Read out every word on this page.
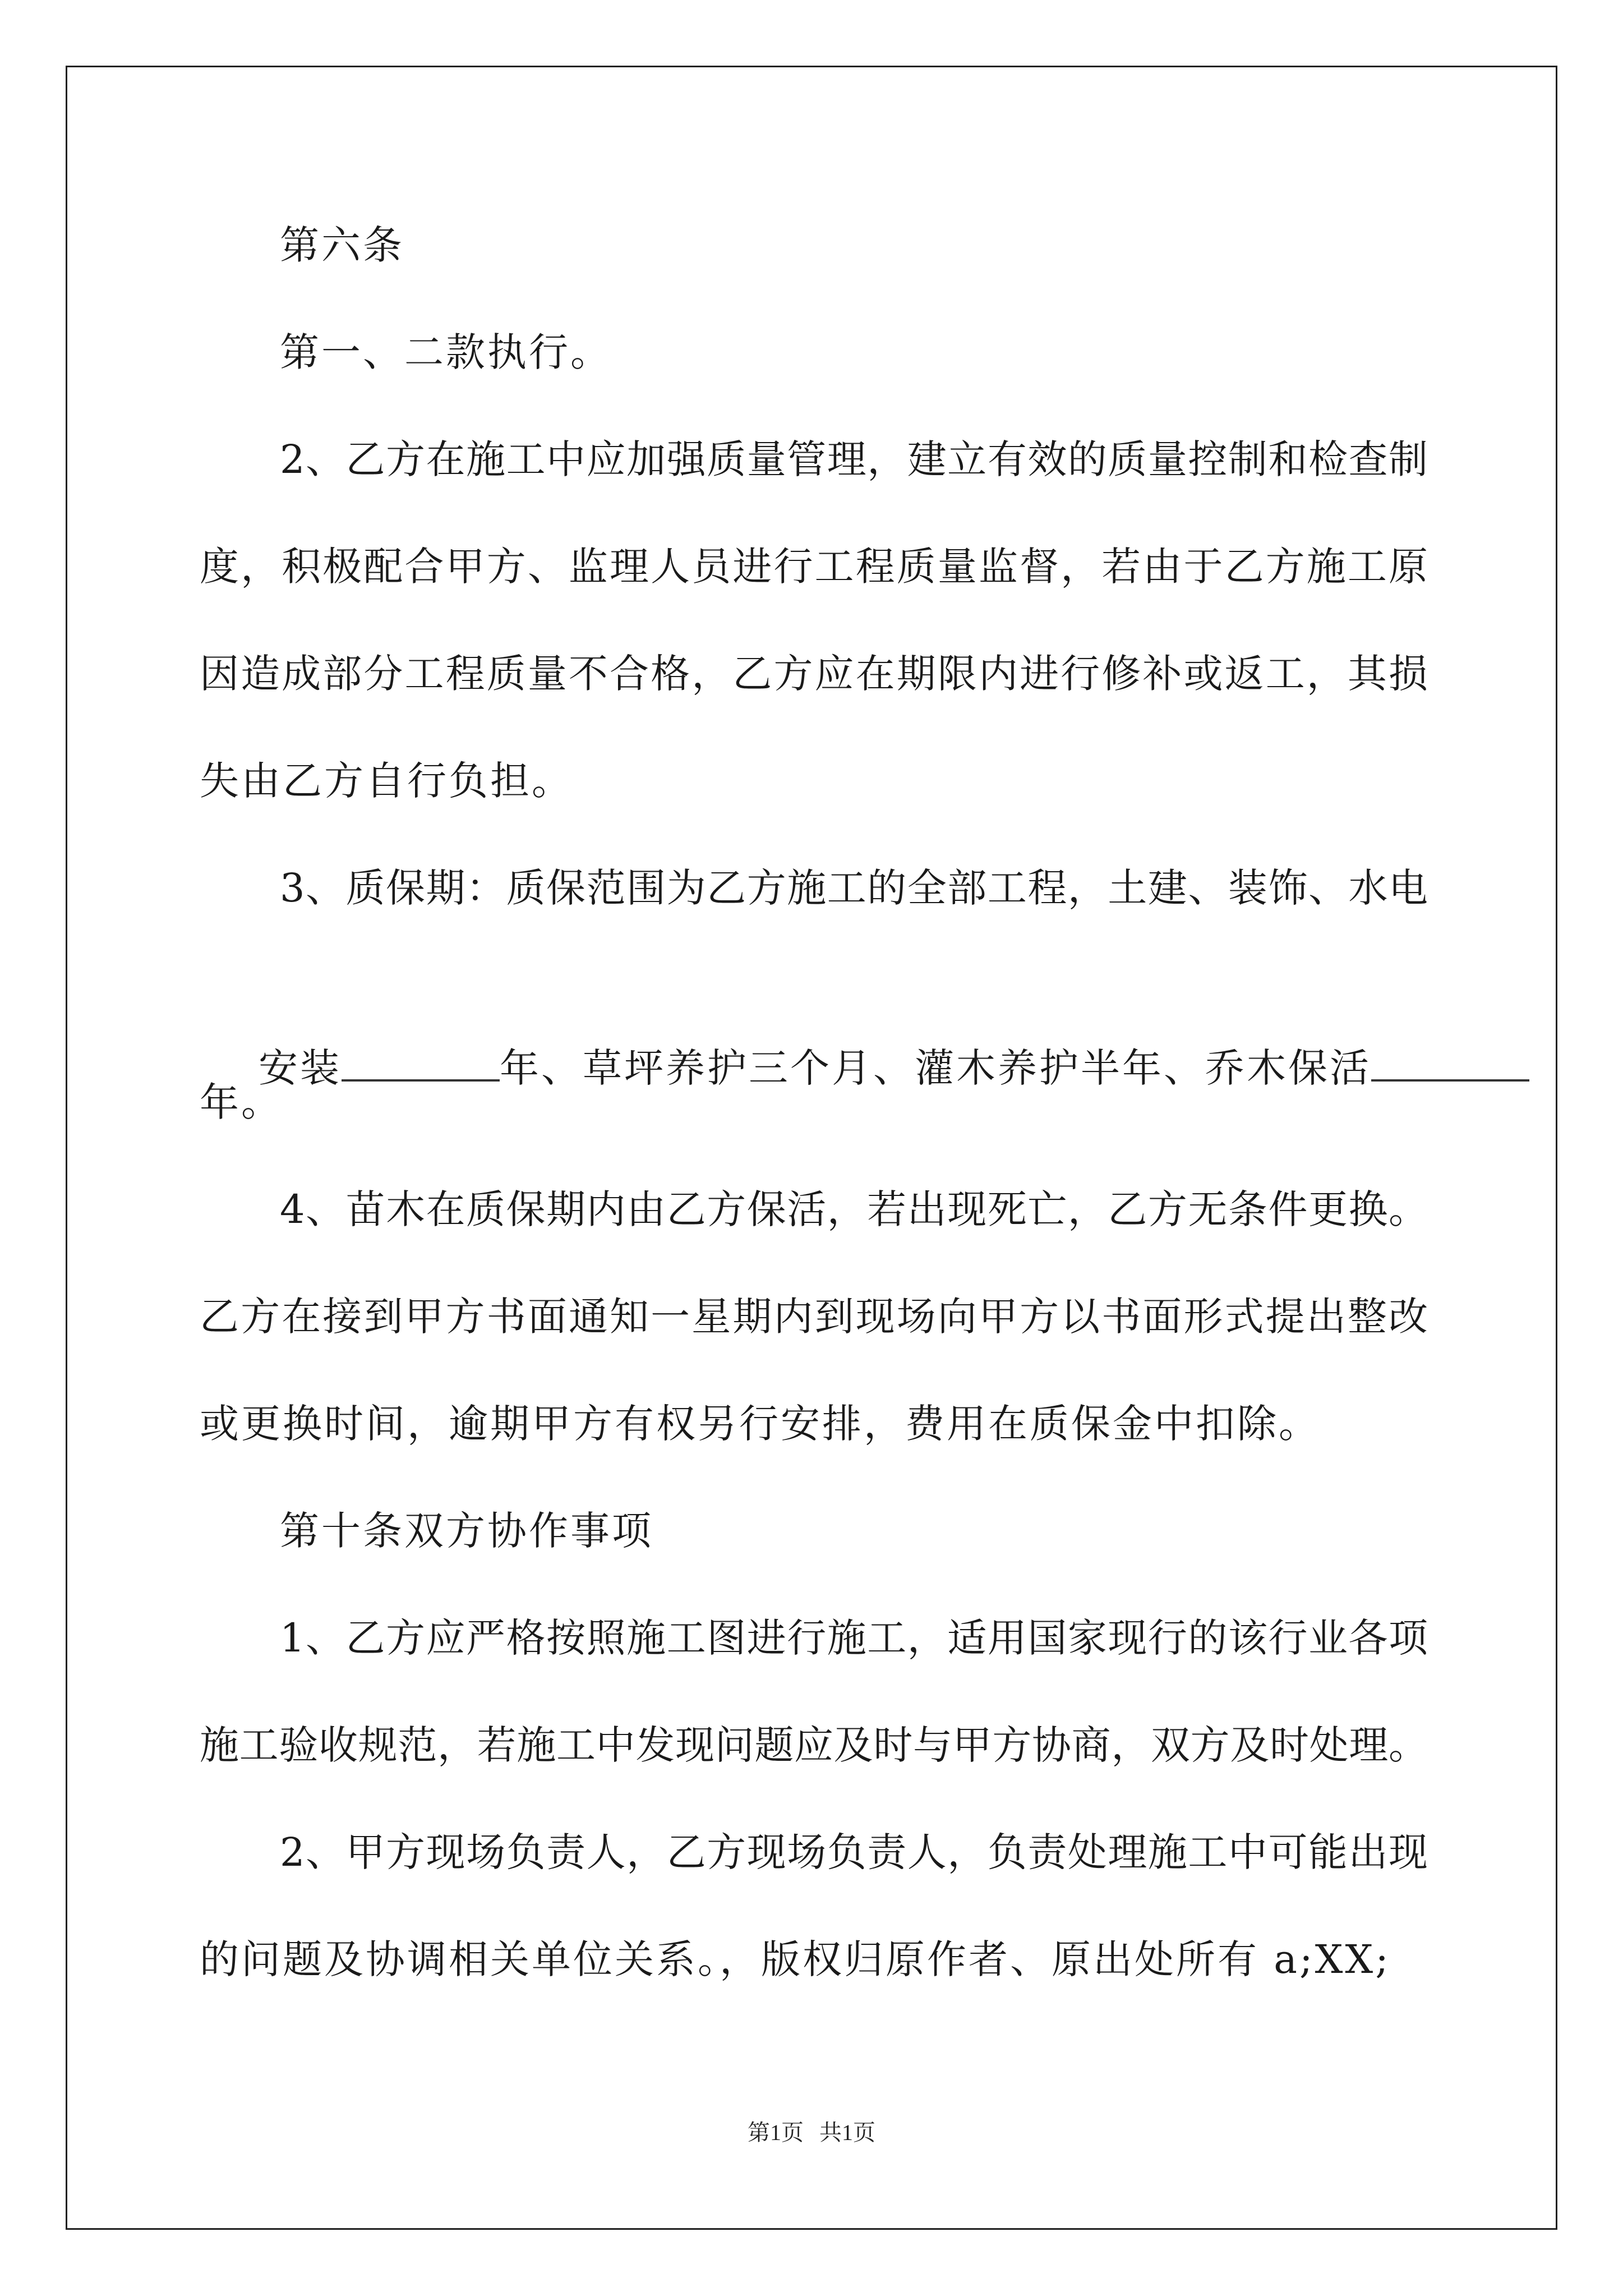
第六条
第一、二款执行。
2、乙方在施工中应加强质量管理，建立有效的质量控制和检查制
度，积极配合甲方、监理人员进行工程质量监督，若由于乙方施工原
因造成部分工程质量不合格，乙方应在期限内进行修补或返工，其损
失由乙方自行负担。
3、质保期：质保范围为乙方施工的全部工程，土建、装饰、水电

安装	年、草坪养护三个月、灌木养护半年、乔木保活

年。
4、苗木在质保期内由乙方保活，若出现死亡，乙方无条件更换。
乙方在接到甲方书面通知一星期内到现场向甲方以书面形式提出整改
或更换时间，逾期甲方有权另行安排，费用在质保金中扣除。
第十条双方协作事项
1、乙方应严格按照施工图进行施工，适用国家现行的该行业各项
施工验收规范，若施工中发现问题应及时与甲方协商，双方及时处理。
2、甲方现场负责人，乙方现场负责人，负责处理施工中可能出现
的问题及协调相关单位关系。，版权归原作者、原出处所有 a;XX;
第1页 共1页
